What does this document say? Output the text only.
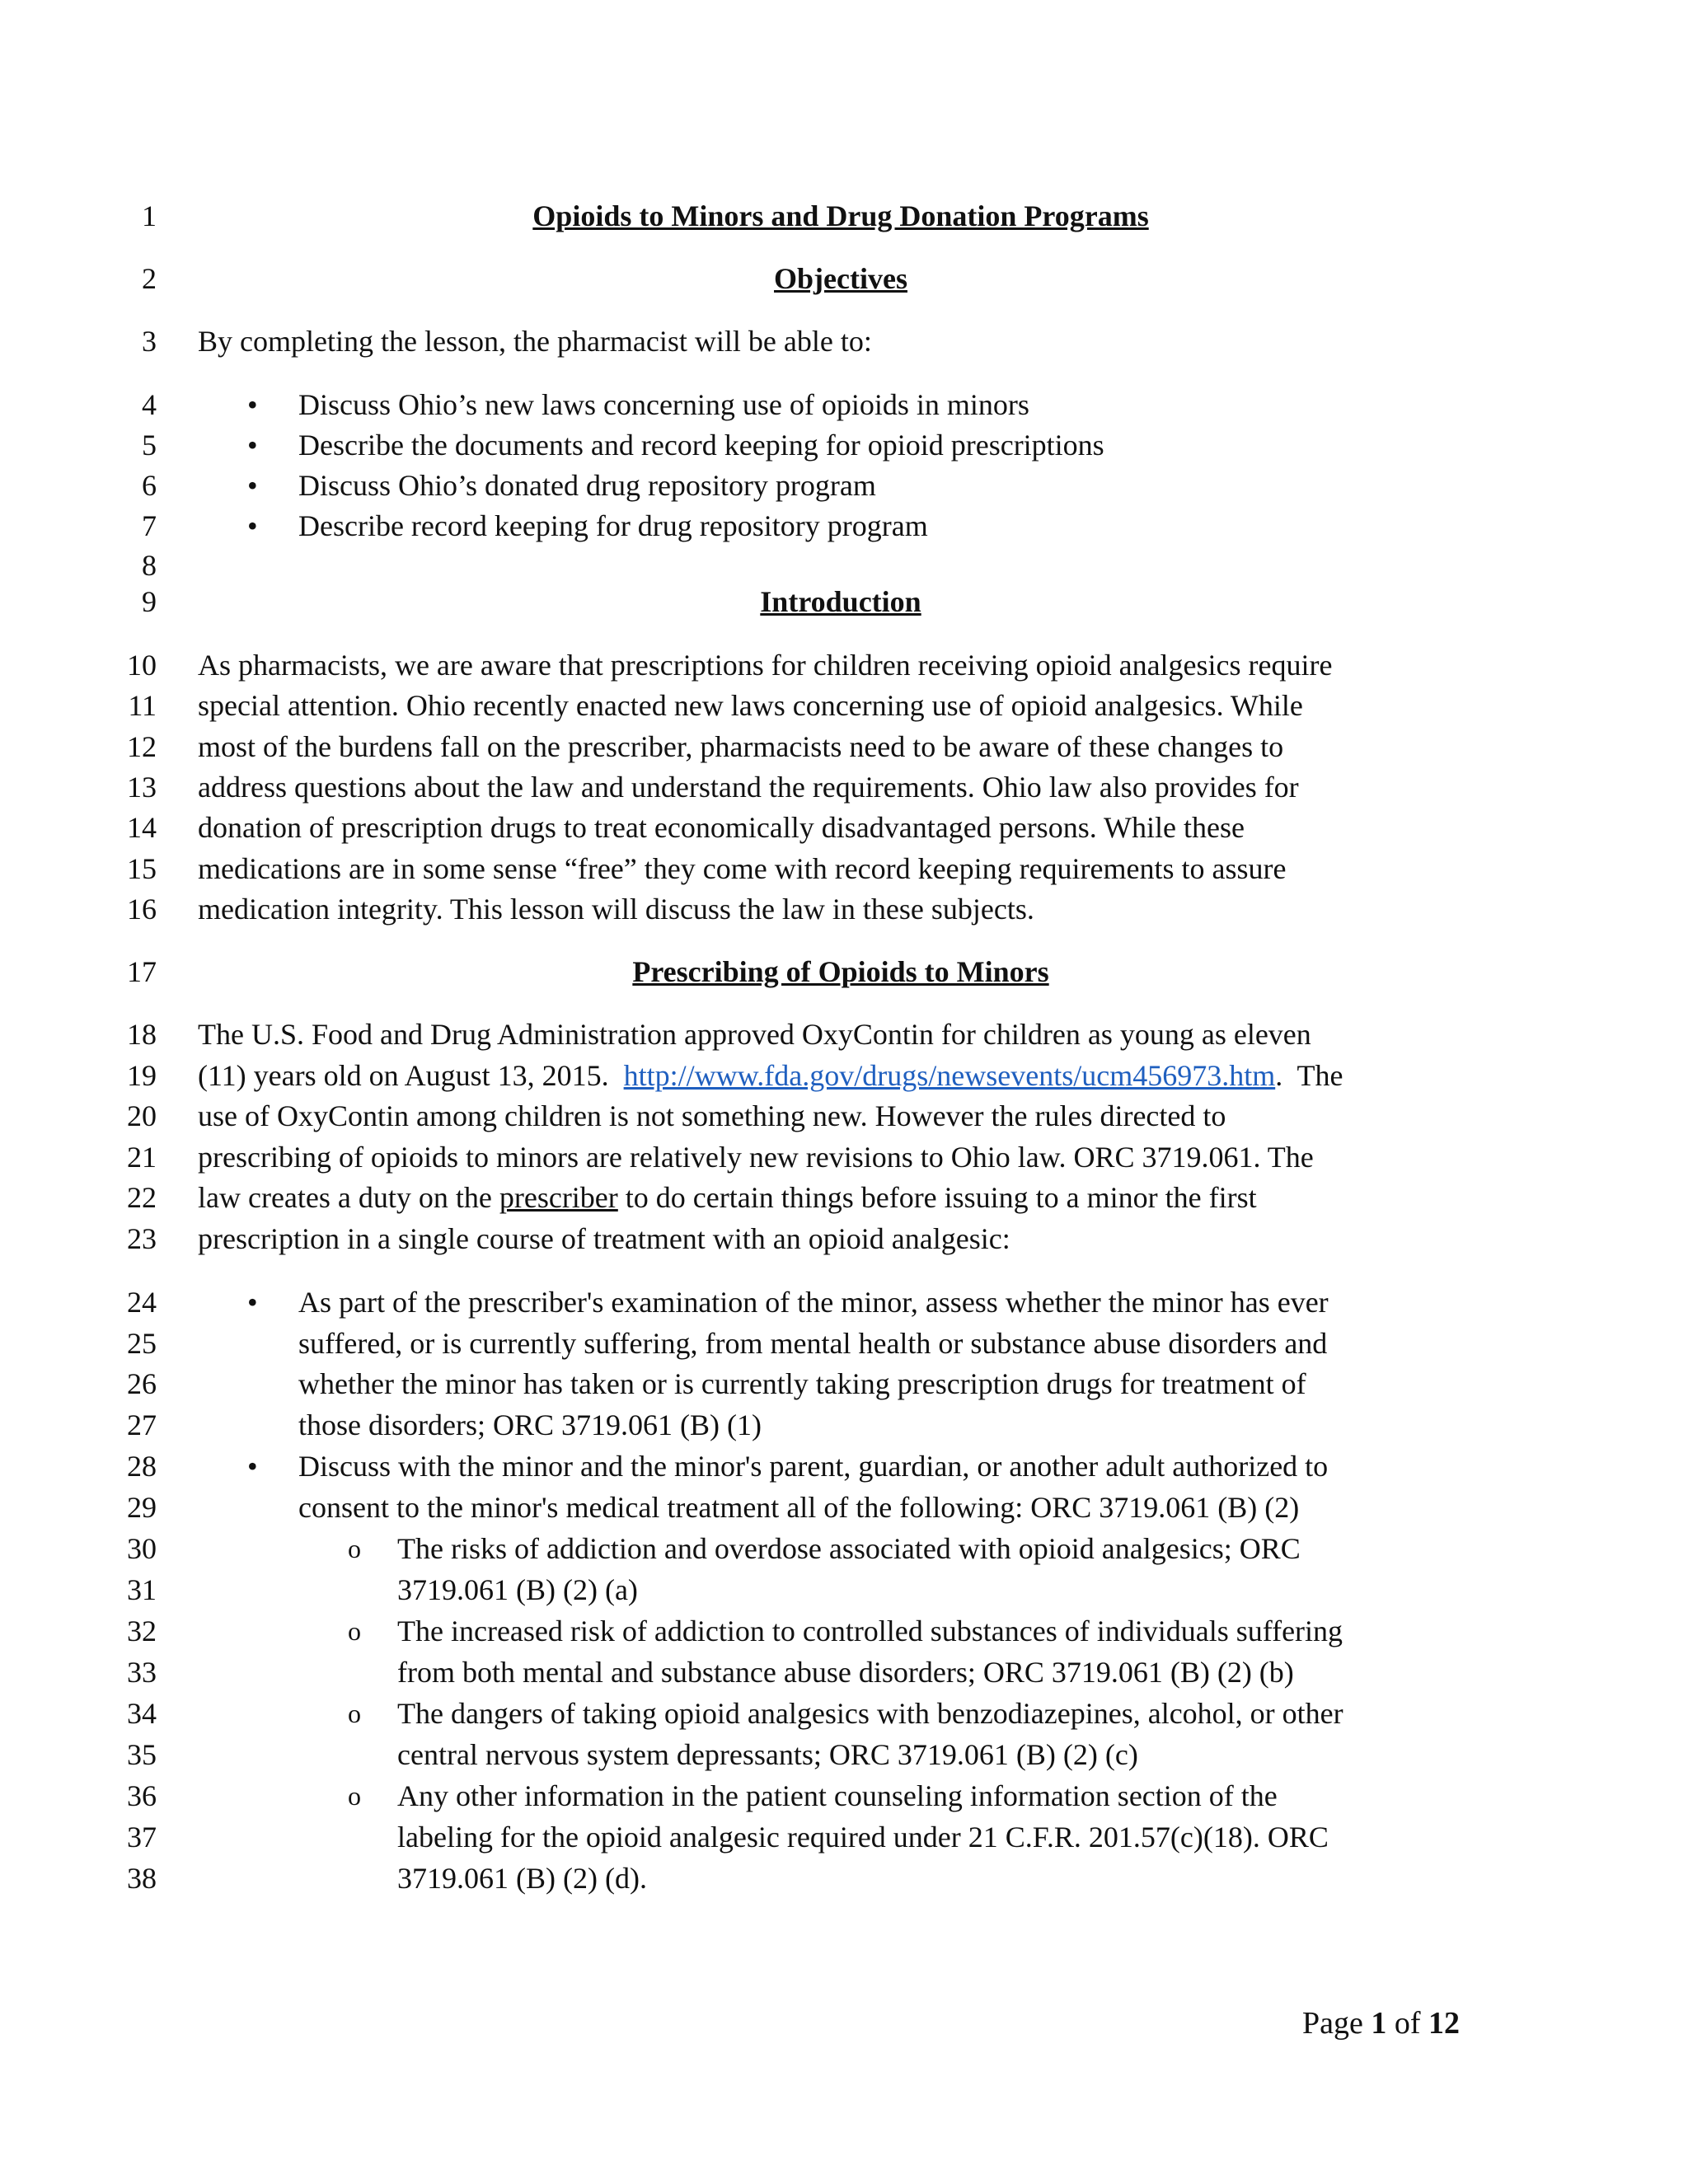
1
2
3
4
5
6
7
8
9
10
11
12
13
14
15
16
17
18
19
20
21
22
23
24
25
26
27
28
29
30
31
32
33
34
35
36
37
38
Opioids to Minors and Drug Donation Programs
Objectives
By completing the lesson, the pharmacist will be able to:
• Discuss Ohio’s new laws concerning use of opioids in minors
• Describe the documents and record keeping for opioid prescriptions
• Discuss Ohio’s donated drug repository program
• Describe record keeping for drug repository program
Introduction
As pharmacists, we are aware that prescriptions for children receiving opioid analgesics require
special attention. Ohio recently enacted new laws concerning use of opioid analgesics. While
most of the burdens fall on the prescriber, pharmacists need to be aware of these changes to
address questions about the law and understand the requirements. Ohio law also provides for
donation of prescription drugs to treat economically disadvantaged persons. While these
medications are in some sense “free” they come with record keeping requirements to assure
medication integrity. This lesson will discuss the law in these subjects.
Prescribing of Opioids to Minors
The U.S. Food and Drug Administration approved OxyContin for children as young as eleven
(11) years old on August 13, 2015.  http://www.fda.gov/drugs/newsevents/ucm456973.htm.  The
use of OxyContin among children is not something new. However the rules directed to
prescribing of opioids to minors are relatively new revisions to Ohio law. ORC 3719.061. The
law creates a duty on the prescriber to do certain things before issuing to a minor the first
prescription in a single course of treatment with an opioid analgesic:
• As part of the prescriber's examination of the minor, assess whether the minor has ever
suffered, or is currently suffering, from mental health or substance abuse disorders and
whether the minor has taken or is currently taking prescription drugs for treatment of
those disorders; ORC 3719.061 (B) (1)
• Discuss with the minor and the minor's parent, guardian, or another adult authorized to
consent to the minor's medical treatment all of the following: ORC 3719.061 (B) (2)
o The risks of addiction and overdose associated with opioid analgesics; ORC
3719.061 (B) (2) (a)
o The increased risk of addiction to controlled substances of individuals suffering
from both mental and substance abuse disorders; ORC 3719.061 (B) (2) (b)
o The dangers of taking opioid analgesics with benzodiazepines, alcohol, or other
central nervous system depressants; ORC 3719.061 (B) (2) (c)
o Any other information in the patient counseling information section of the
labeling for the opioid analgesic required under 21 C.F.R. 201.57(c)(18). ORC
3719.061 (B) (2) (d).
Page 1 of 12
